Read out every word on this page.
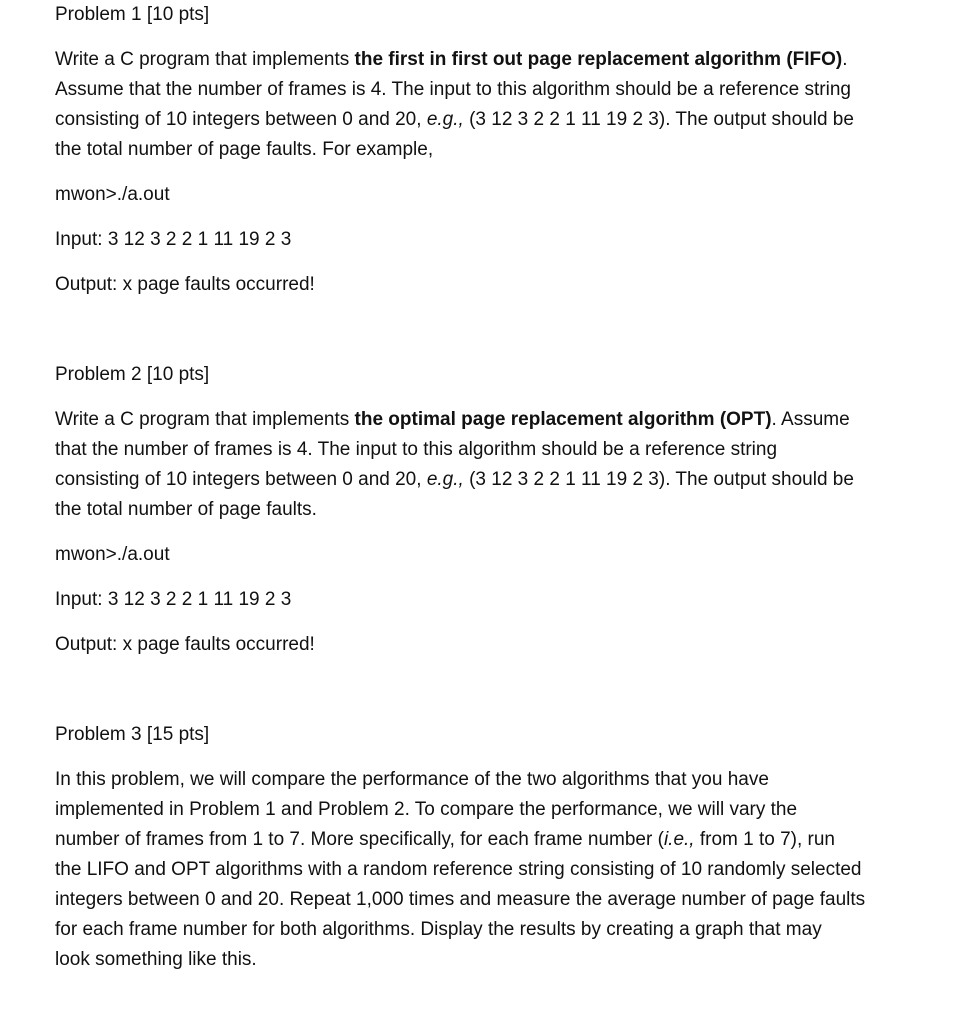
Problem 1 [10 pts]
Write a C program that implements the first in first out page replacement algorithm (FIFO).
Assume that the number of frames is 4. The input to this algorithm should be a reference string
consisting of 10 integers between 0 and 20, e.g., (3 12 3 2 2 1 11 19 2 3). The output should be
the total number of page faults. For example,
mwon>./a.out
Input: 3 12 3 2 2 1 11 19 2 3
Output: x page faults occurred!
Problem 2 [10 pts]
Write a C program that implements the optimal page replacement algorithm (OPT). Assume
that the number of frames is 4. The input to this algorithm should be a reference string
consisting of 10 integers between 0 and 20, e.g., (3 12 3 2 2 1 11 19 2 3). The output should be
the total number of page faults.
mwon>./a.out
Input: 3 12 3 2 2 1 11 19 2 3
Output: x page faults occurred!
Problem 3 [15 pts]
In this problem, we will compare the performance of the two algorithms that you have
implemented in Problem 1 and Problem 2. To compare the performance, we will vary the
number of frames from 1 to 7. More specifically, for each frame number (i.e., from 1 to 7), run
the LIFO and OPT algorithms with a random reference string consisting of 10 randomly selected
integers between 0 and 20. Repeat 1,000 times and measure the average number of page faults
for each frame number for both algorithms. Display the results by creating a graph that may
look something like this.
